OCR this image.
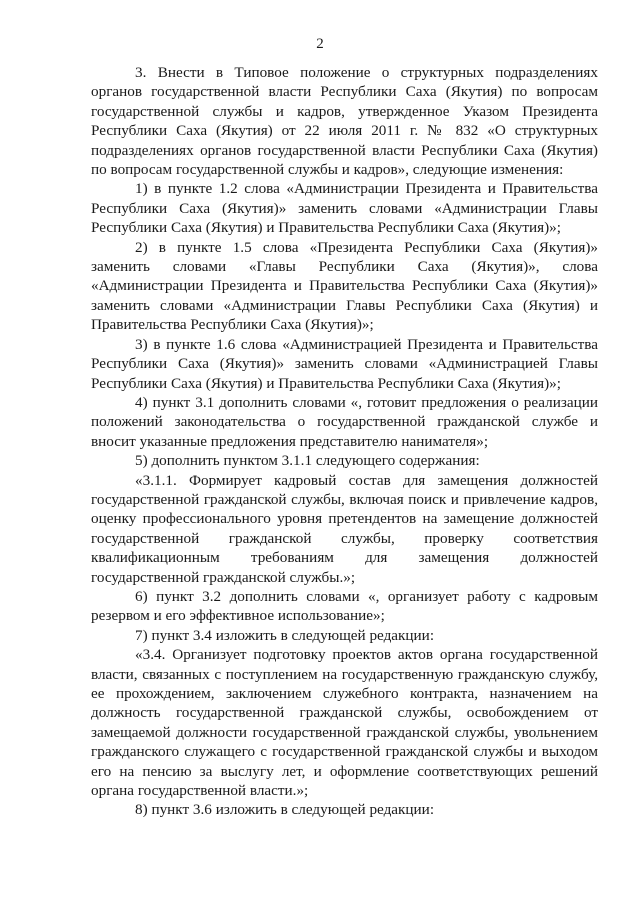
2

3. Внести в Типовое положение о структурных подразделениях органов государственной власти Республики Саха (Якутия) по вопросам государственной службы и кадров, утвержденное Указом Президента Республики Саха (Якутия) от 22 июля 2011 г. № 832 «О структурных подразделениях органов государственной власти Республики Саха (Якутия) по вопросам государственной службы и кадров», следующие изменения:

1) в пункте 1.2 слова «Администрации Президента и Правительства Республики Саха (Якутия)» заменить словами «Администрации Главы Республики Саха (Якутия) и Правительства Республики Саха (Якутия)»;

2) в пункте 1.5 слова «Президента Республики Саха (Якутия)» заменить словами «Главы Республики Саха (Якутия)», слова «Администрации Президента и Правительства Республики Саха (Якутия)» заменить словами «Администрации Главы Республики Саха (Якутия) и Правительства Республики Саха (Якутия)»;

3) в пункте 1.6 слова «Администрацией Президента и Правительства Республики Саха (Якутия)» заменить словами «Администрацией Главы Республики Саха (Якутия) и Правительства Республики Саха (Якутия)»;

4) пункт 3.1 дополнить словами «, готовит предложения о реализации положений законодательства о государственной гражданской службе и вносит указанные предложения представителю нанимателя»;

5) дополнить пунктом 3.1.1 следующего содержания:

«3.1.1. Формирует кадровый состав для замещения должностей государственной гражданской службы, включая поиск и привлечение кадров, оценку профессионального уровня претендентов на замещение должностей государственной гражданской службы, проверку соответствия квалификационным требованиям для замещения должностей государственной гражданской службы.»;

6) пункт 3.2 дополнить словами «, организует работу с кадровым резервом и его эффективное использование»;

7) пункт 3.4 изложить в следующей редакции:

«3.4. Организует подготовку проектов актов органа государственной власти, связанных с поступлением на государственную гражданскую службу, ее прохождением, заключением служебного контракта, назначением на должность государственной гражданской службы, освобождением от замещаемой должности государственной гражданской службы, увольнением гражданского служащего с государственной гражданской службы и выходом его на пенсию за выслугу лет, и оформление соответствующих решений органа государственной власти.»;

8) пункт 3.6 изложить в следующей редакции:
